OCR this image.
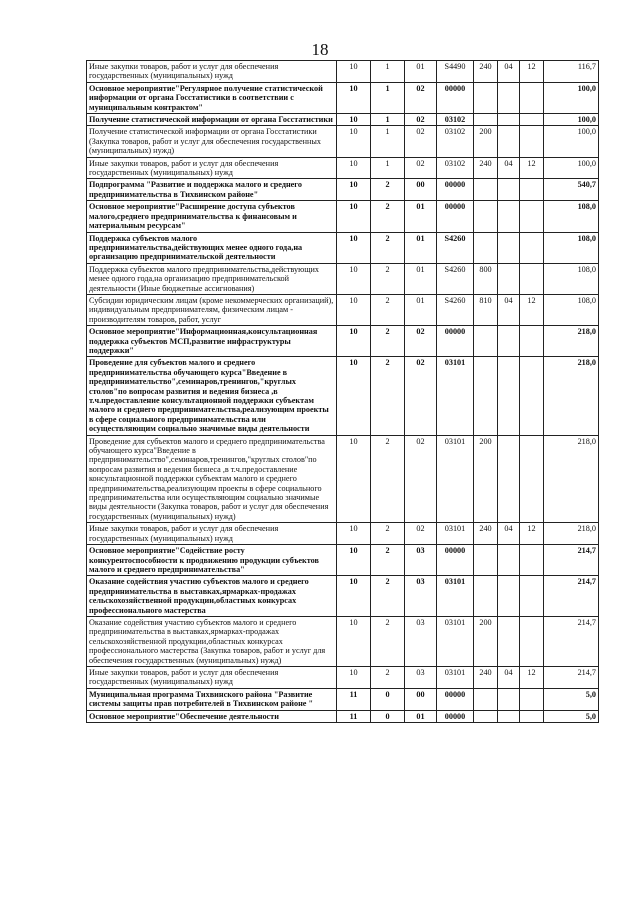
18
Иные закупки товаров, работ и услуг для обеспечения государственных (муниципальных) нужд	10	1	01	S4490	240	04	12	116,7
Основное мероприятие"Регулярное получение статистической информации от органа Госстатистики в соответствии с муниципальным контрактом"	10	1	02	00000				100,0
Получение статистической информации от органа Госстатистики	10	1	02	03102				100,0
Получение статистической информации от органа Госстатистики (Закупка товаров, работ и услуг для обеспечения государственных (муниципальных) нужд)	10	1	02	03102	200			100,0
Иные закупки товаров, работ и услуг для обеспечения государственных (муниципальных) нужд	10	1	02	03102	240	04	12	100,0
Подпрограмма "Развитие и поддержка малого и среднего предпринимательства в Тихвинском районе"	10	2	00	00000				540,7
Основное мероприятие"Расширение доступа субъектов малого,среднего предпринимательства к финансовым и материальным ресурсам"	10	2	01	00000				108,0
Поддержка субъектов малого предпринимательства,действующих менее одного года,на организацию предпринимательской деятельности	10	2	01	S4260				108,0
Поддержка субъектов малого предпринимательства,действующих менее одного года,на организацию предпринимательской деятельности (Иные бюджетные ассигнования)	10	2	01	S4260	800			108,0
Субсидии юридическим лицам (кроме некоммерческих организаций), индивидуальным предпринимателям, физическим лицам - производителям товаров, работ, услуг	10	2	01	S4260	810	04	12	108,0
Основное мероприятие"Информационная,консультационная поддержка субъектов МСП,развитие инфраструктуры поддержки"	10	2	02	00000				218,0
Проведение для субъектов малого и среднего предпринимательства обучающего курса"Введение в предпринимательство",семинаров,тренингов,"круглых столов"по вопросам развития и ведения бизнеса ,в т.ч.предоставление консультационной поддержки субъектам малого и среднего предпринимательства,реализующим проекты в сфере социального предпринимательства или осуществляющим социально значимые виды деятельности	10	2	02	03101				218,0
Проведение для субъектов малого и среднего предпринимательства обучающего курса"Введение в предпринимательство",семинаров,тренингов,"круглых столов"по вопросам развития и ведения бизнеса ,в т.ч.предоставление консультационной поддержки субъектам малого и среднего предпринимательства,реализующим проекты в сфере социального предпринимательства или осуществляющим социально значимые виды деятельности (Закупка товаров, работ и услуг для обеспечения государственных (муниципальных) нужд)	10	2	02	03101	200			218,0
Иные закупки товаров, работ и услуг для обеспечения государственных (муниципальных) нужд	10	2	02	03101	240	04	12	218,0
Основное мероприятие"Содействие росту конкурентоспособности к продвижению продукции субъектов малого и среднего предпринимательства"	10	2	03	00000				214,7
Оказание содействия участию субъектов малого и среднего предпринимательства в выставках,ярмарках-продажах сельскохозяйственной продукции,областных конкурсах профессионального мастерства	10	2	03	03101				214,7
Оказание содействия участию субъектов малого и среднего предпринимательства в выставках,ярмарках-продажах сельскохозяйственной продукции,областных конкурсах профессионального мастерства (Закупка товаров, работ и услуг для обеспечения государственных (муниципальных) нужд)	10	2	03	03101	200			214,7
Иные закупки товаров, работ и услуг для обеспечения государственных (муниципальных) нужд	10	2	03	03101	240	04	12	214,7
Муниципальная программа Тихвинского района "Развитие системы защиты прав потребителей в Тихвинском районе "	11	0	00	00000				5,0
Основное мероприятие"Обеспечение деятельности	11	0	01	00000				5,0
